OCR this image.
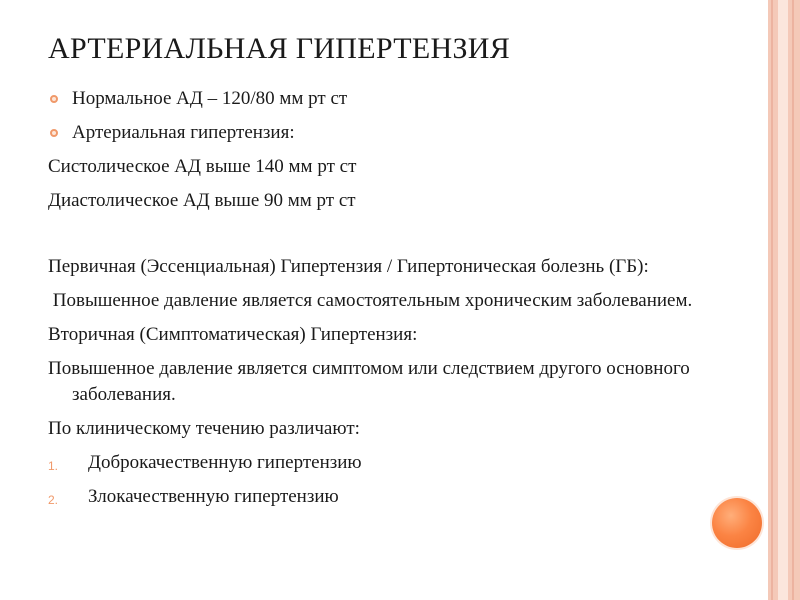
АРТЕРИАЛЬНАЯ ГИПЕРТЕНЗИЯ
Нормальное АД – 120/80 мм рт ст
Артериальная гипертензия:
Систолическое АД выше 140 мм рт ст
Диастолическое АД выше 90 мм рт ст
Первичная (Эссенциальная) Гипертензия / Гипертоническая болезнь (ГБ):
Повышенное давление является самостоятельным хроническим заболеванием.
Вторичная (Симптоматическая) Гипертензия:
Повышенное давление является симптомом или следствием другого основного заболевания.
По клиническому течению различают:
1. Доброкачественную гипертензию
2. Злокачественную гипертензию
